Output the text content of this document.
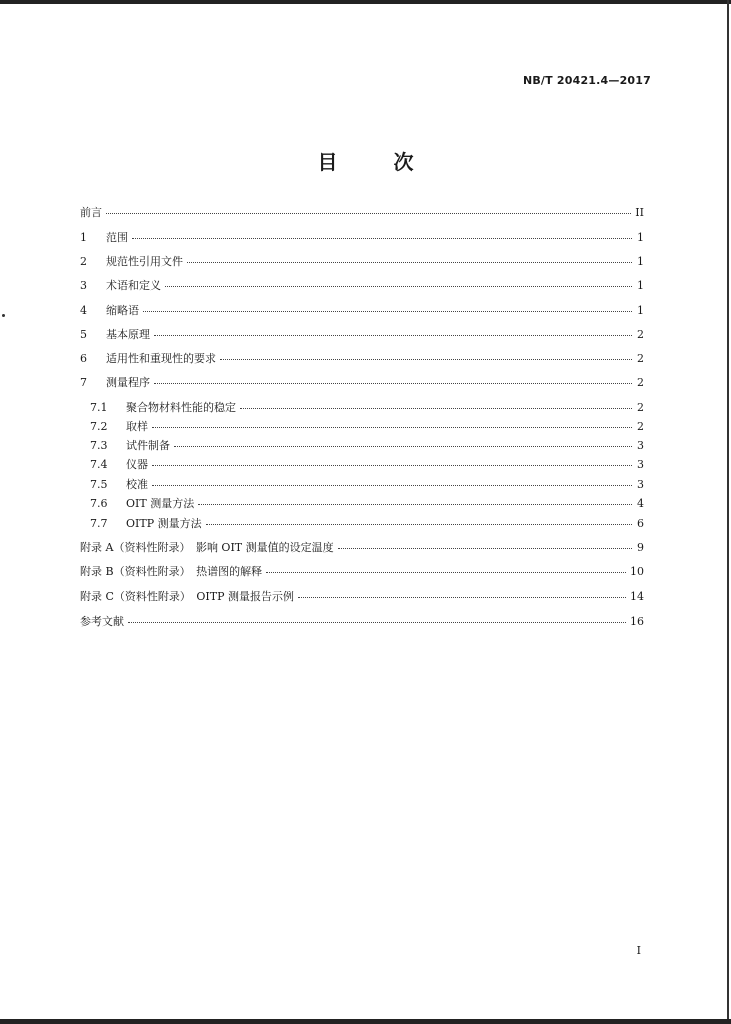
NB/T 20421.4—2017
目　次
前言	II
1 范围	1
2 规范性引用文件	1
3 术语和定义	1
4 缩略语	1
5 基本原理	2
6 适用性和重现性的要求	2
7 测量程序	2
7.1 聚合物材料性能的稳定	2
7.2 取样	2
7.3 试件制备	3
7.4 仪器	3
7.5 校准	3
7.6 OIT 测量方法	4
7.7 OITP 测量方法	6
附录 A（资料性附录）　影响 OIT 测量值的设定温度	9
附录 B（资料性附录）　热谱图的解释	10
附录 C（资料性附录）　OITP 测量报告示例	14
参考文献	16
I
